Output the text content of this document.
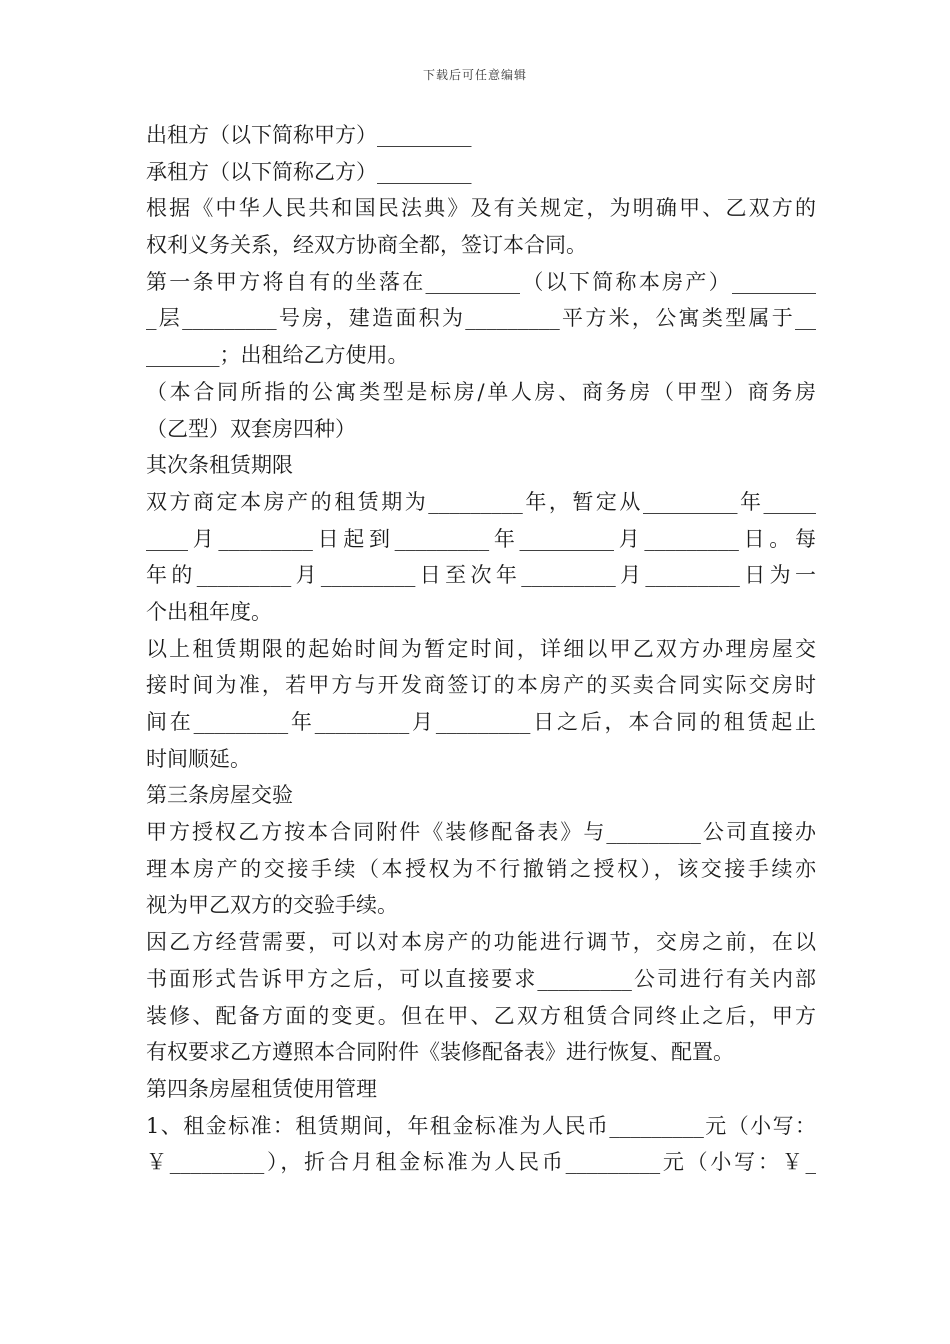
下载后可任意编辑
出租方（以下简称甲方）_________
承租方（以下简称乙方）_________
根据《中华人民共和国民法典》及有关规定，为明确甲、乙双方的
权利义务关系，经双方协商全都，签订本合同。
第一条甲方将自有的坐落在_________（以下简称本房产）________
_层_________号房，建造面积为_________平方米，公寓类型属于__
_______；出租给乙方使用。
（本合同所指的公寓类型是标房/单人房、商务房（甲型）商务房
（乙型）双套房四种）
其次条租赁期限
双方商定本房产的租赁期为_________年，暂定从_________年_____
____月_________日起到_________年_________月_________日。每
年的_________月_________日至次年_________月_________日为一
个出租年度。
以上租赁期限的起始时间为暂定时间，详细以甲乙双方办理房屋交
接时间为准，若甲方与开发商签订的本房产的买卖合同实际交房时
间在_________年_________月_________日之后，本合同的租赁起止
时间顺延。
第三条房屋交验
甲方授权乙方按本合同附件《装修配备表》与_________公司直接办
理本房产的交接手续（本授权为不行撤销之授权），该交接手续亦
视为甲乙双方的交验手续。
因乙方经营需要，可以对本房产的功能进行调节，交房之前，在以
书面形式告诉甲方之后，可以直接要求_________公司进行有关内部
装修、配备方面的变更。但在甲、乙双方租赁合同终止之后，甲方
有权要求乙方遵照本合同附件《装修配备表》进行恢复、配置。
第四条房屋租赁使用管理
1、租金标准：租赁期间，年租金标准为人民币_________元（小写：
￥_________），折合月租金标准为人民币_________元（小写：￥_
